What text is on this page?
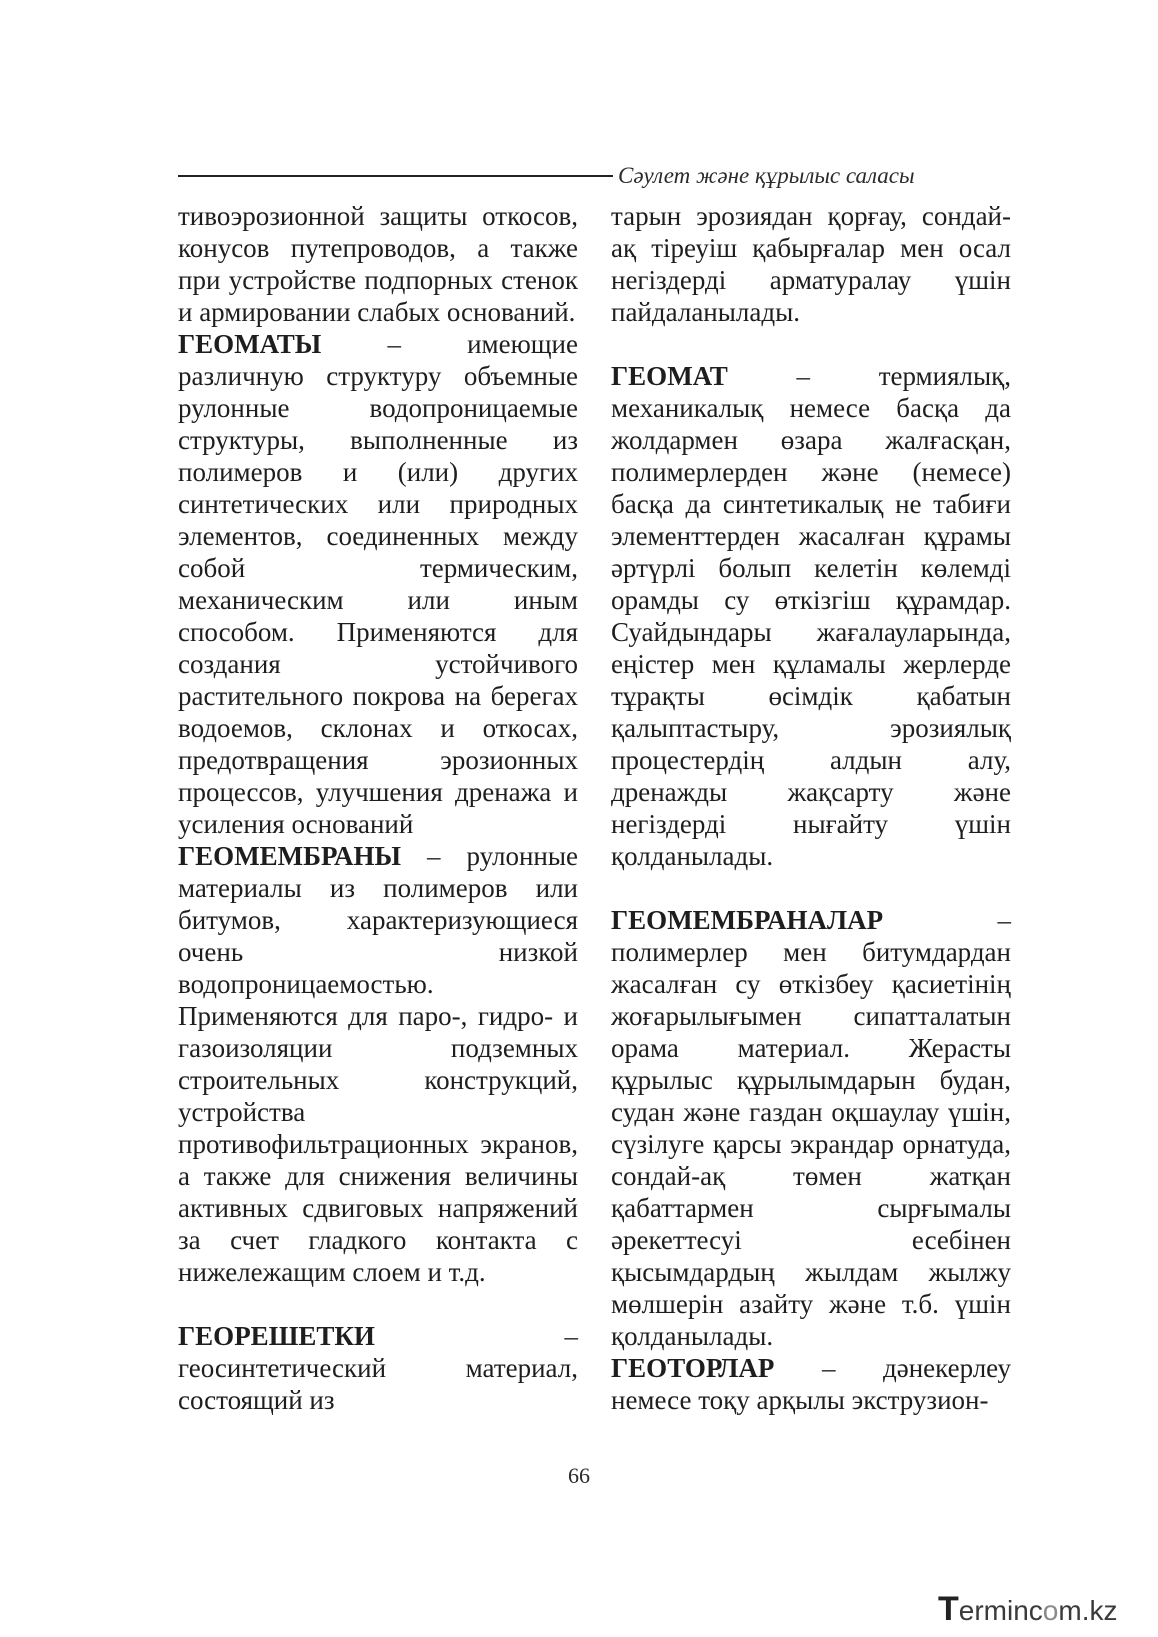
Сәулет және құрылыс саласы

тивоэрозионной защиты откосов, конусов путепроводов, а также при устройстве подпорных стенок и армировании слабых оснований.

ГЕОМАТЫ – имеющие различную структуру объемные рулонные водопроницаемые структуры, выполненные из полимеров и (или) других синтетических или природных элементов, соединенных между собой термическим, механическим или иным способом. Применяются для создания устойчивого растительного покрова на берегах водоемов, склонах и откосах, предотвращения эрозионных процессов, улучшения дренажа и усиления оснований

ГЕОМЕМБРАНЫ – рулонные материалы из полимеров или битумов, характеризующиеся очень низкой водопроницаемостью. Применяются для паро-, гидро- и газоизоляции подземных строительных конструкций, устройства противофильтрационных экранов, а также для снижения величины активных сдвиговых напряжений за счет гладкого контакта с нижележащим слоем и т.д.

ГЕОРЕШЕТКИ – геосинтетический материал, состоящий из

тарын эрозиядан қорғау, сондай-ақ тіреуіш қабырғалар мен осал негіздерді арматуралау үшін пайдаланылады.

ГЕОМАТ – термиялық, механикалық немесе басқа да жолдармен өзара жалғасқан, полимерлерден және (немесе) басқа да синтетикалық не табиғи элементтерден жасалған құрамы әртүрлі болып келетін көлемді орамды су өткізгіш құрамдар. Суайдындары жағалауларында, еңістер мен құламалы жерлерде тұрақты өсімдік қабатын қалыптастыру, эрозиялық процестердің алдын алу, дренажды жақсарту және негіздерді нығайту үшін қолданылады.

ГЕОМЕМБРАНАЛАР – полимерлер мен битумдардан жасалған су өткізбеу қасиетінің жоғарылығымен сипатталатын орама материал. Жерасты құрылыс құрылымдарын будан, судан және газдан оқшаулау үшін, сүзілуге қарсы экрандар орнатуда, сондай-ақ төмен жатқан қабаттармен сырғымалы әрекеттесуі есебінен қысымдардың жылдам жылжу мөлшерін азайту және т.б. үшін қолданылады.

ГЕОТОРЛАР – дәнекерлеу немесе тоқу арқылы экструзион-

66
Termincom.kz
